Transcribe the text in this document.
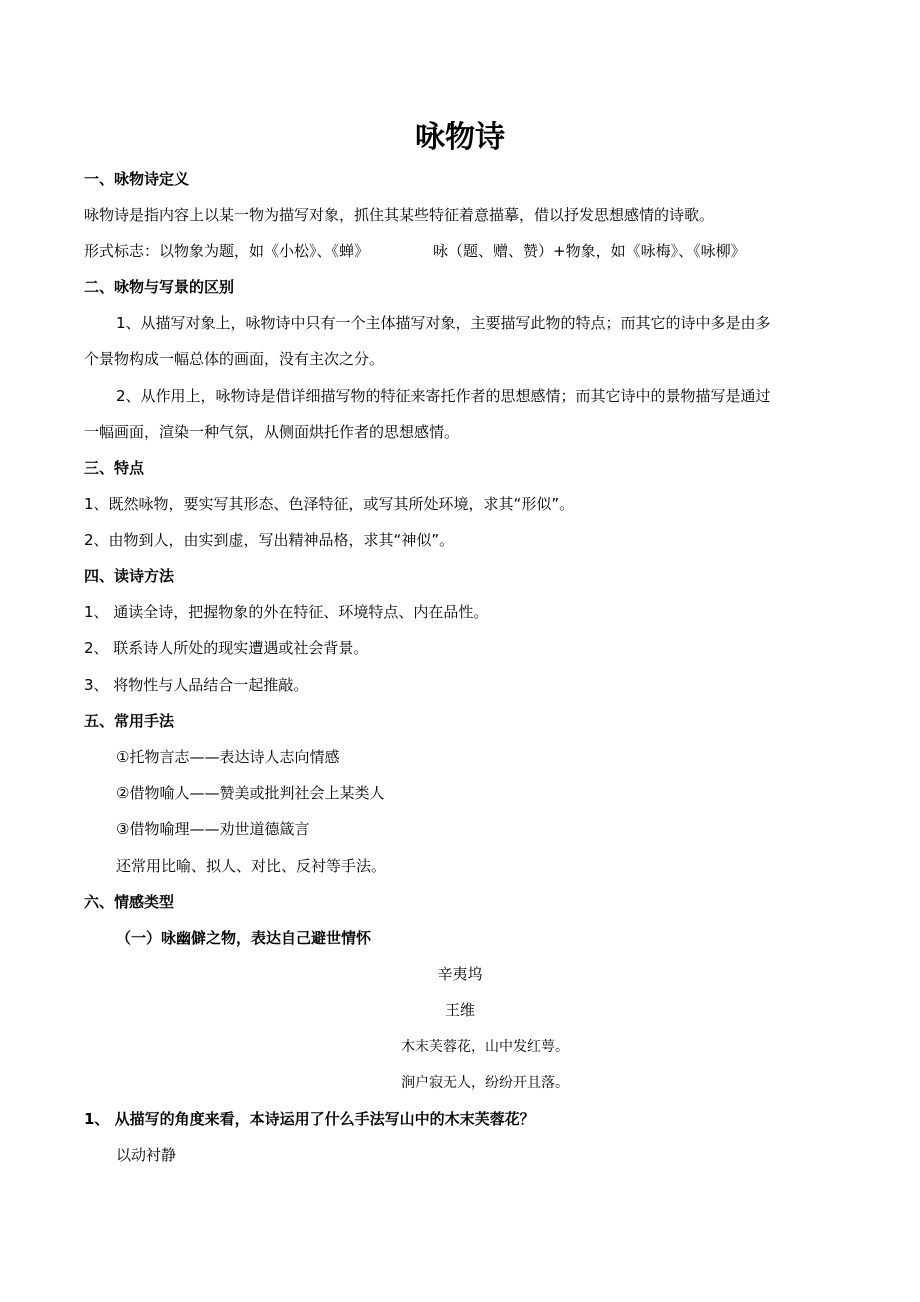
咏物诗
一、咏物诗定义
咏物诗是指内容上以某一物为描写对象，抓住其某些特征着意描摹，借以抒发思想感情的诗歌。
形式标志：以物象为题，如《小松》、《蝉》	咏（题、赠、赞）+物象，如《咏梅》、《咏柳》
二、咏物与写景的区别
1、从描写对象上，咏物诗中只有一个主体描写对象，主要描写此物的特点；而其它的诗中多是由多
个景物构成一幅总体的画面，没有主次之分。
2、从作用上，咏物诗是借详细描写物的特征来寄托作者的思想感情；而其它诗中的景物描写是通过
一幅画面，渲染一种气氛，从侧面烘托作者的思想感情。
三、特点
1、既然咏物，要实写其形态、色泽特征，或写其所处环境，求其“形似”。
2、由物到人，由实到虚，写出精神品格，求其“神似”。
四、读诗方法
1、 通读全诗，把握物象的外在特征、环境特点、内在品性。
2、 联系诗人所处的现实遭遇或社会背景。
3、 将物性与人品结合一起推敲。
五、常用手法
①托物言志——表达诗人志向情感
②借物喻人——赞美或批判社会上某类人
③借物喻理——劝世道德箴言
还常用比喻、拟人、对比、反衬等手法。
六、情感类型
（一）咏幽僻之物，表达自己避世情怀
辛夷坞
王维
木末芙蓉花，山中发红萼。
涧户寂无人，纷纷开且落。
1、 从描写的角度来看，本诗运用了什么手法写山中的木末芙蓉花？
以动衬静
